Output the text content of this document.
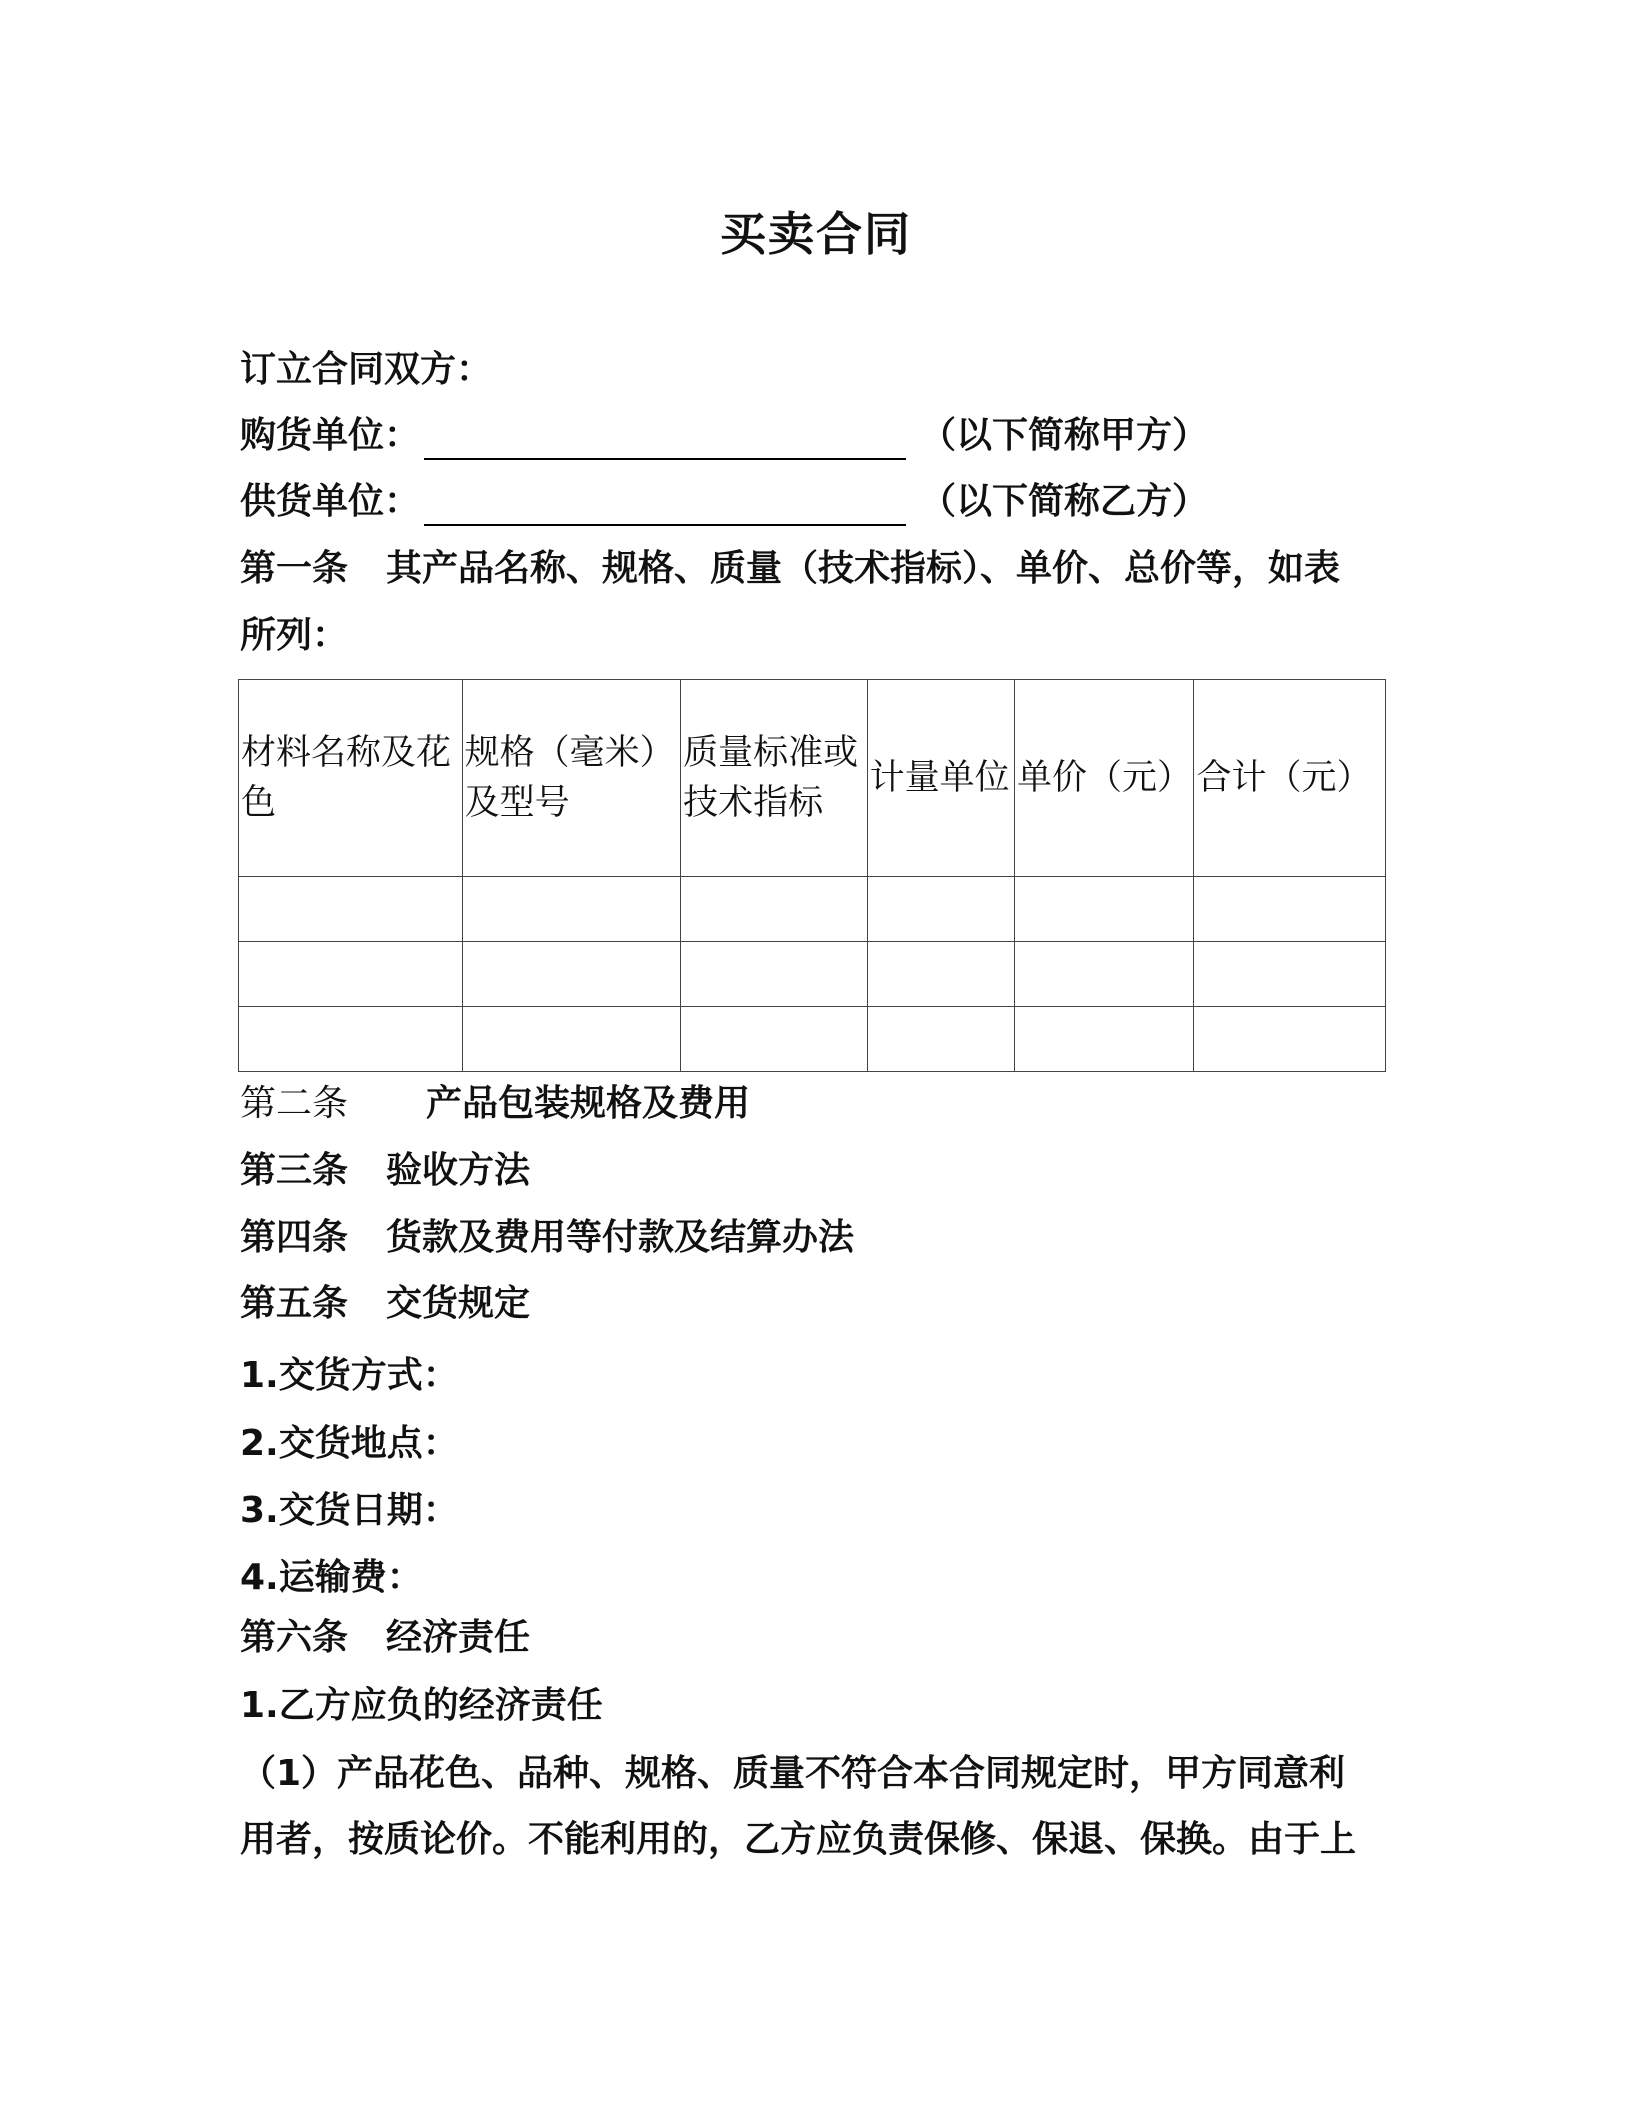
买卖合同
订立合同双方：
购货单位：	（以下简称甲方）
供货单位：	（以下简称乙方）
第一条 其产品名称、规格、质量（技术指标）、单价、总价等，如表
所列：
材料名称及花色	规格（毫米）及型号	质量标准或技术指标	计量单位	单价（元）	合计（元）

第二条 产品包装规格及费用
第三条 验收方法
第四条 货款及费用等付款及结算办法
第五条 交货规定
1.交货方式：
2.交货地点：
3.交货日期：
4.运输费：
第六条 经济责任
1.乙方应负的经济责任
（1）产品花色、品种、规格、质量不符合本合同规定时，甲方同意利
用者，按质论价。不能利用的，乙方应负责保修、保退、保换。由于上
